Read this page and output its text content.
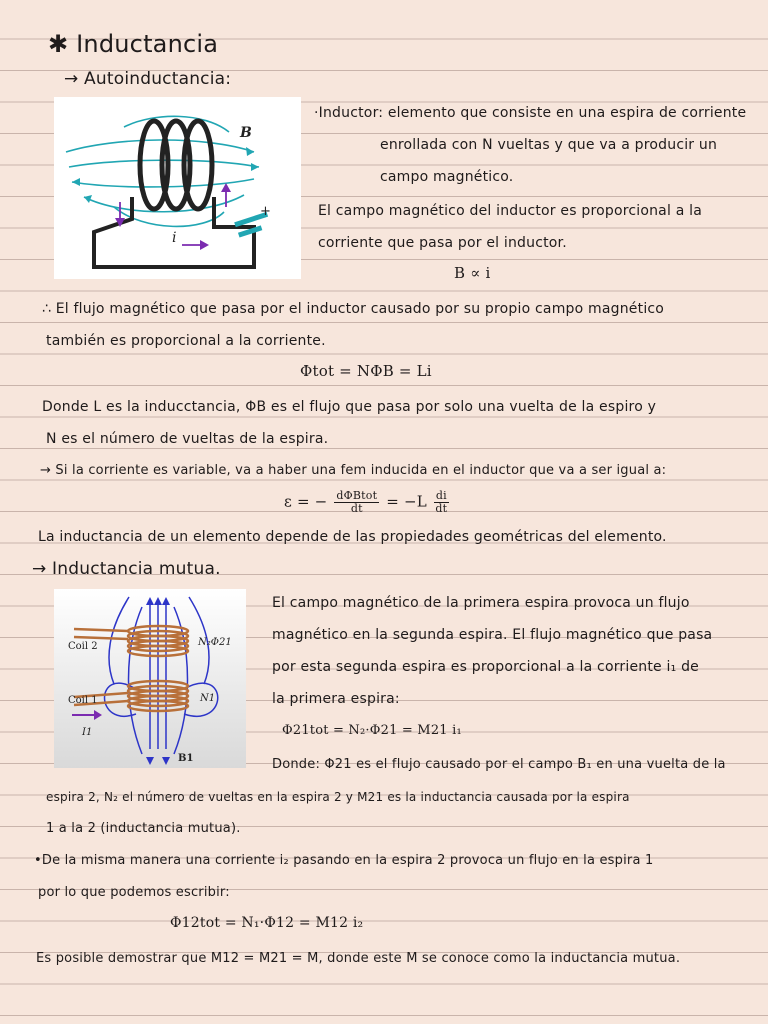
✱ Inductancia
→ Autoinductancia:
+
i
B
·Inductor: elemento que consiste en una espira de corriente
enrollada con N vueltas y que va a producir un
campo magnético.
El campo magnético del inductor es proporcional a la
corriente que pasa por el inductor.
B ∝ i
∴ El flujo magnético que pasa por el inductor causado por su propio campo magnético
también es proporcional a la corriente.
Φtot = NΦB = Li
Donde L es la inducctancia, ΦB es el flujo que pasa por solo una vuelta de la espiro y
N es el número de vueltas de la espira.
→ Si la corriente es variable, va a haber una fem inducida en el inductor que va a ser igual a:
ε = − $\frac{\text{dΦBtot}}{dt} = -L \frac{di}{dt}$
La inductancia de un elemento depende de las propiedades geométricas del elemento.
→ Inductancia mutua.
Coil 2
Coil 1
N₂Φ21
N1
I1
B1
El campo magnético de la primera espira provoca un flujo
magnético en la segunda espira. El flujo magnético que pasa
por esta segunda espira es proporcional a la corriente i₁ de
la primera espira:
Φ21tot = N₂·Φ21 = M21 i₁
Donde: Φ21 es el flujo causado por el campo B₁ en una vuelta de la
espira 2, N₂ el número de vueltas en la espira 2 y M21 es la inductancia causada por la espira
1 a la 2 (inductancia mutua).
•De la misma manera una corriente i₂ pasando en la espira 2 provoca un flujo en la espira 1
por lo que podemos escribir:
Φ12tot = N₁·Φ12 = M12 i₂
Es posible demostrar que M12 = M21 = M, donde este M se conoce como la inductancia mutua.
